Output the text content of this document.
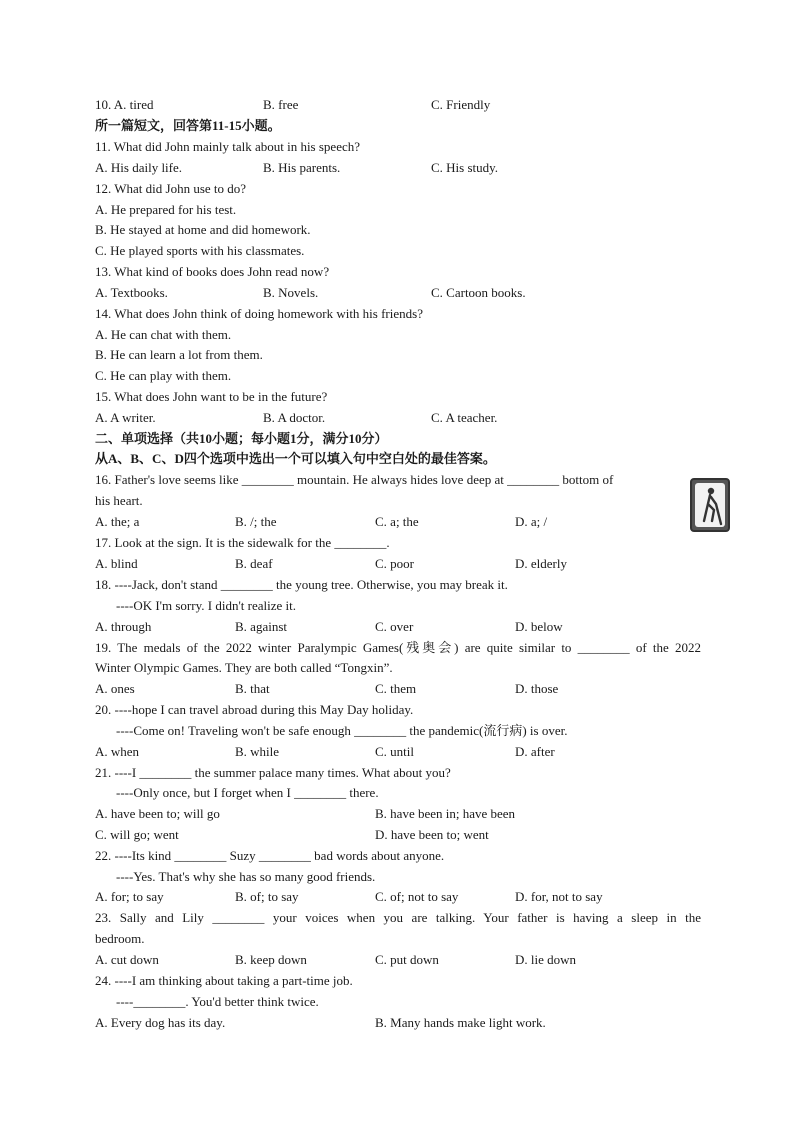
10. A. tired	B. free	C. Friendly
所一篇短文，回答第11-15小题。
11. What did John mainly talk about in his speech?
A. His daily life.	B. His parents.	C. His study.
12. What did John use to do?
A. He prepared for his test.
B. He stayed at home and did homework.
C. He played sports with his classmates.
13. What kind of books does John read now?
A. Textbooks.	B. Novels.	C. Cartoon books.
14. What does John think of doing homework with his friends?
A. He can chat with them.
B. He can learn a lot from them.
C. He can play with them.
15. What does John want to be in the future?
A. A writer.	B. A doctor.	C. A teacher.
二、单项选择（共10小题；每小题1分，满分10分）
从A、B、C、D四个选项中选出一个可以填入句中空白处的最佳答案。
16. Father's love seems like ________ mountain. He always hides love deep at ________ bottom of
his heart.
A. the; a	B. /; the	C. a; the	D. a; /
17. Look at the sign. It is the sidewalk for the ________.
A. blind	B. deaf	C. poor	D. elderly
18. ----Jack, don't stand ________ the young tree. Otherwise, you may break it.
----OK I'm sorry. I didn't realize it.
A. through	B. against	C. over	D. below
19. The medals of the 2022 winter Paralympic Games(残奥会) are quite similar to ________ of the 2022
Winter Olympic Games. They are both called “Tongxin”.
A. ones	B. that	C. them	D. those
20. ----hope I can travel abroad during this May Day holiday.
----Come on! Traveling won't be safe enough ________ the pandemic(流行病) is over.
A. when	B. while	C. until	D. after
21. ----I ________ the summer palace many times. What about you?
----Only once, but I forget when I ________ there.
A. have been to; will go	B. have been in; have been
C. will go; went	D. have been to; went
22. ----Its kind ________ Suzy ________ bad words about anyone.
----Yes. That's why she has so many good friends.
A. for; to say	B. of; to say	C. of; not to say	D. for, not to say
23. Sally and Lily ________ your voices when you are talking. Your father is having a sleep in the
bedroom.
A. cut down	B. keep down	C. put down	D. lie down
24. ----I am thinking about taking a part-time job.
----________. You'd better think twice.
A. Every dog has its day.	B. Many hands make light work.
